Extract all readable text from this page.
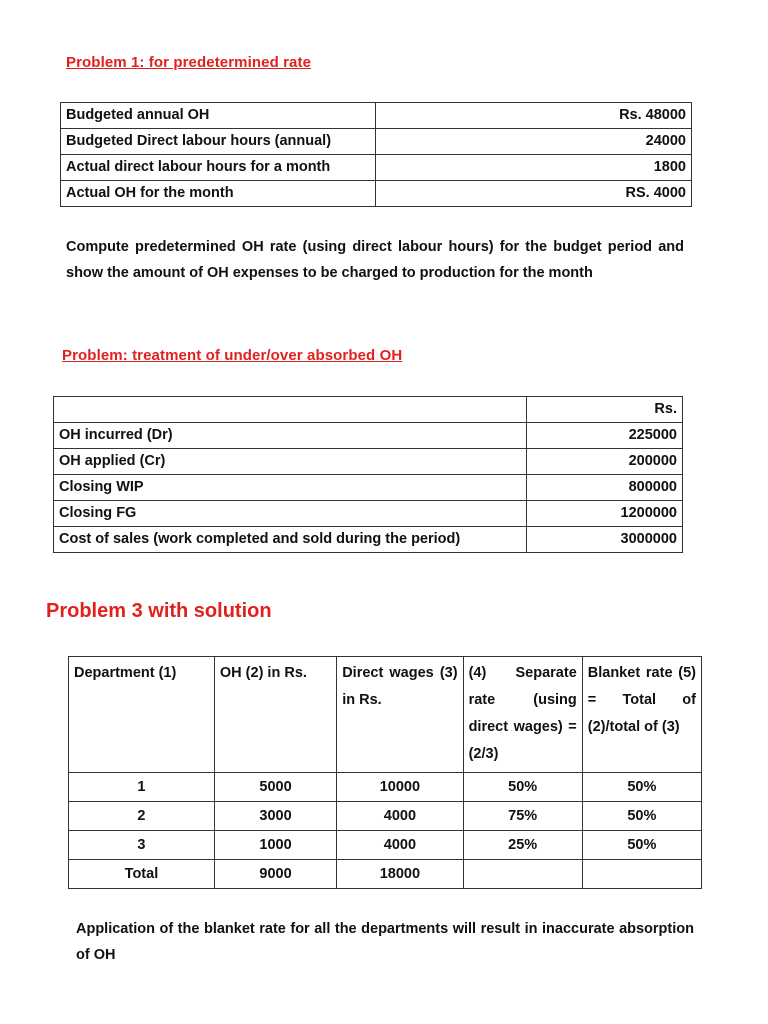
Problem 1: for predetermined rate
Budgeted annual OH	Rs. 48000
Budgeted Direct labour hours (annual)	24000
Actual direct labour hours for a month	1800
Actual OH for the month	RS. 4000
Compute predetermined OH rate (using direct labour hours) for the budget period and show the amount of OH expenses to be charged to production for the month
Problem: treatment of under/over absorbed OH
	Rs.
OH incurred (Dr)	225000
OH applied (Cr)	200000
Closing WIP	800000
Closing FG	1200000
Cost of sales (work completed and sold during the period)	3000000
Problem 3 with solution
Department (1)	OH (2) in Rs.	Direct wages (3) in Rs.	(4) Separate rate (using direct wages) = (2/3)	Blanket rate (5) = Total of (2)/total of (3)
1	5000	10000	50%	50%
2	3000	4000	75%	50%
3	1000	4000	25%	50%
Total	9000	18000		
Application of the blanket rate for all the departments will result in inaccurate absorption of OH
